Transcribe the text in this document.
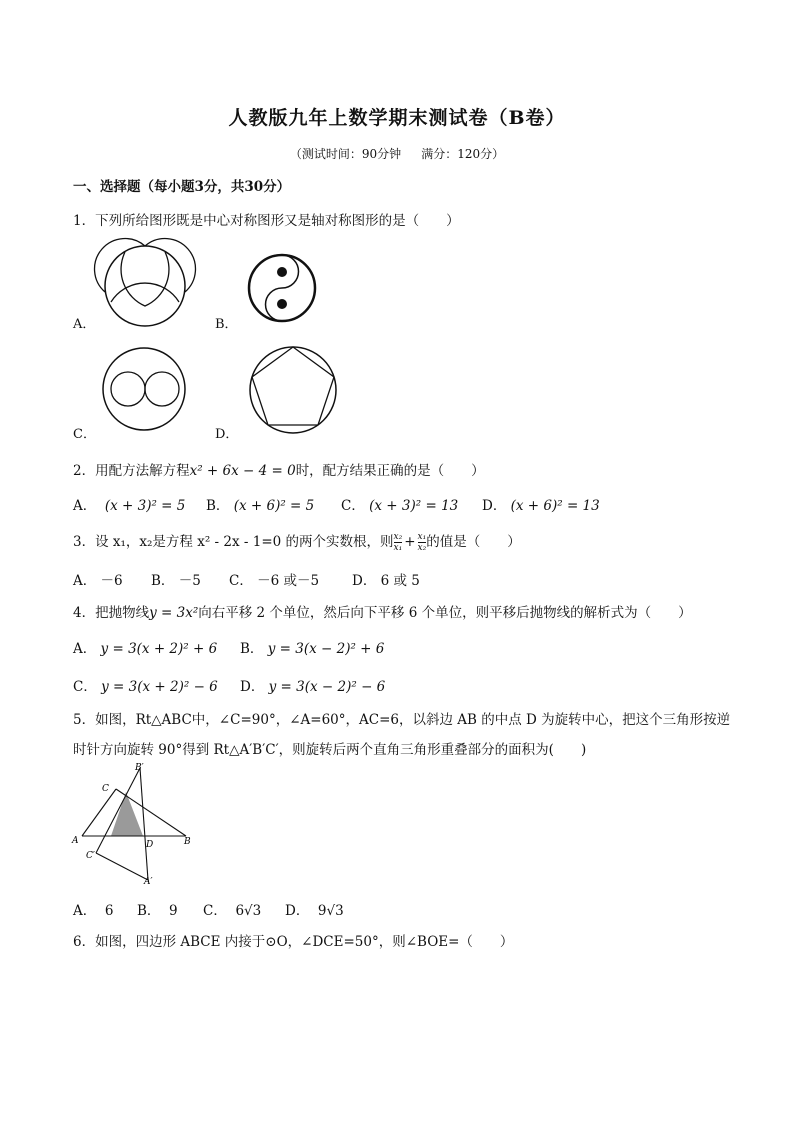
人教版九年上数学期末测试卷（B卷）
（测试时间：90分钟 满分：120分）
一、选择题（每小题3分，共30分）
1．下列所给图形既是中心对称图形又是轴对称图形的是（　　）
A．	B．
C．	D．
2．用配方法解方程x² + 6x − 4 = 0时，配方结果正确的是（　　）
A． (x + 3)² = 5 B． (x + 6)² = 5 C． (x + 3)² = 13 D． (x + 6)² = 13
3．设 x₁，x₂是方程 x² - 2x - 1=0 的两个实数根，则 $\frac{\text{x₂}}{\text{x₁}} + \frac{\text{x₁}}{\text{x₂}}$ 的值是（　　）
A． －6 B． －5 C． －6 或－5 D． 6 或 5
4．把抛物线y = 3x²向右平移 2 个单位，然后向下平移 6 个单位，则平移后抛物线的解析式为（　　）
A． y = 3(x + 2)² + 6 B． y = 3(x − 2)² + 6
C． y = 3(x + 2)² − 6 D． y = 3(x − 2)² − 6
5．如图，Rt△ABC中，∠C=90°，∠A=60°，AC=6，以斜边 AB 的中点 D 为旋转中心，把这个三角形按逆
时针方向旋转 90°得到 Rt△A′B′C′，则旋转后两个直角三角形重叠部分的面积为(　　)
B′
C
A	D	B
C′
A′
A． 6 B． 9 C． 6√3 D． 9√3
6．如图，四边形 ABCE 内接于⊙O，∠DCE=50°，则∠BOE=（　　）
